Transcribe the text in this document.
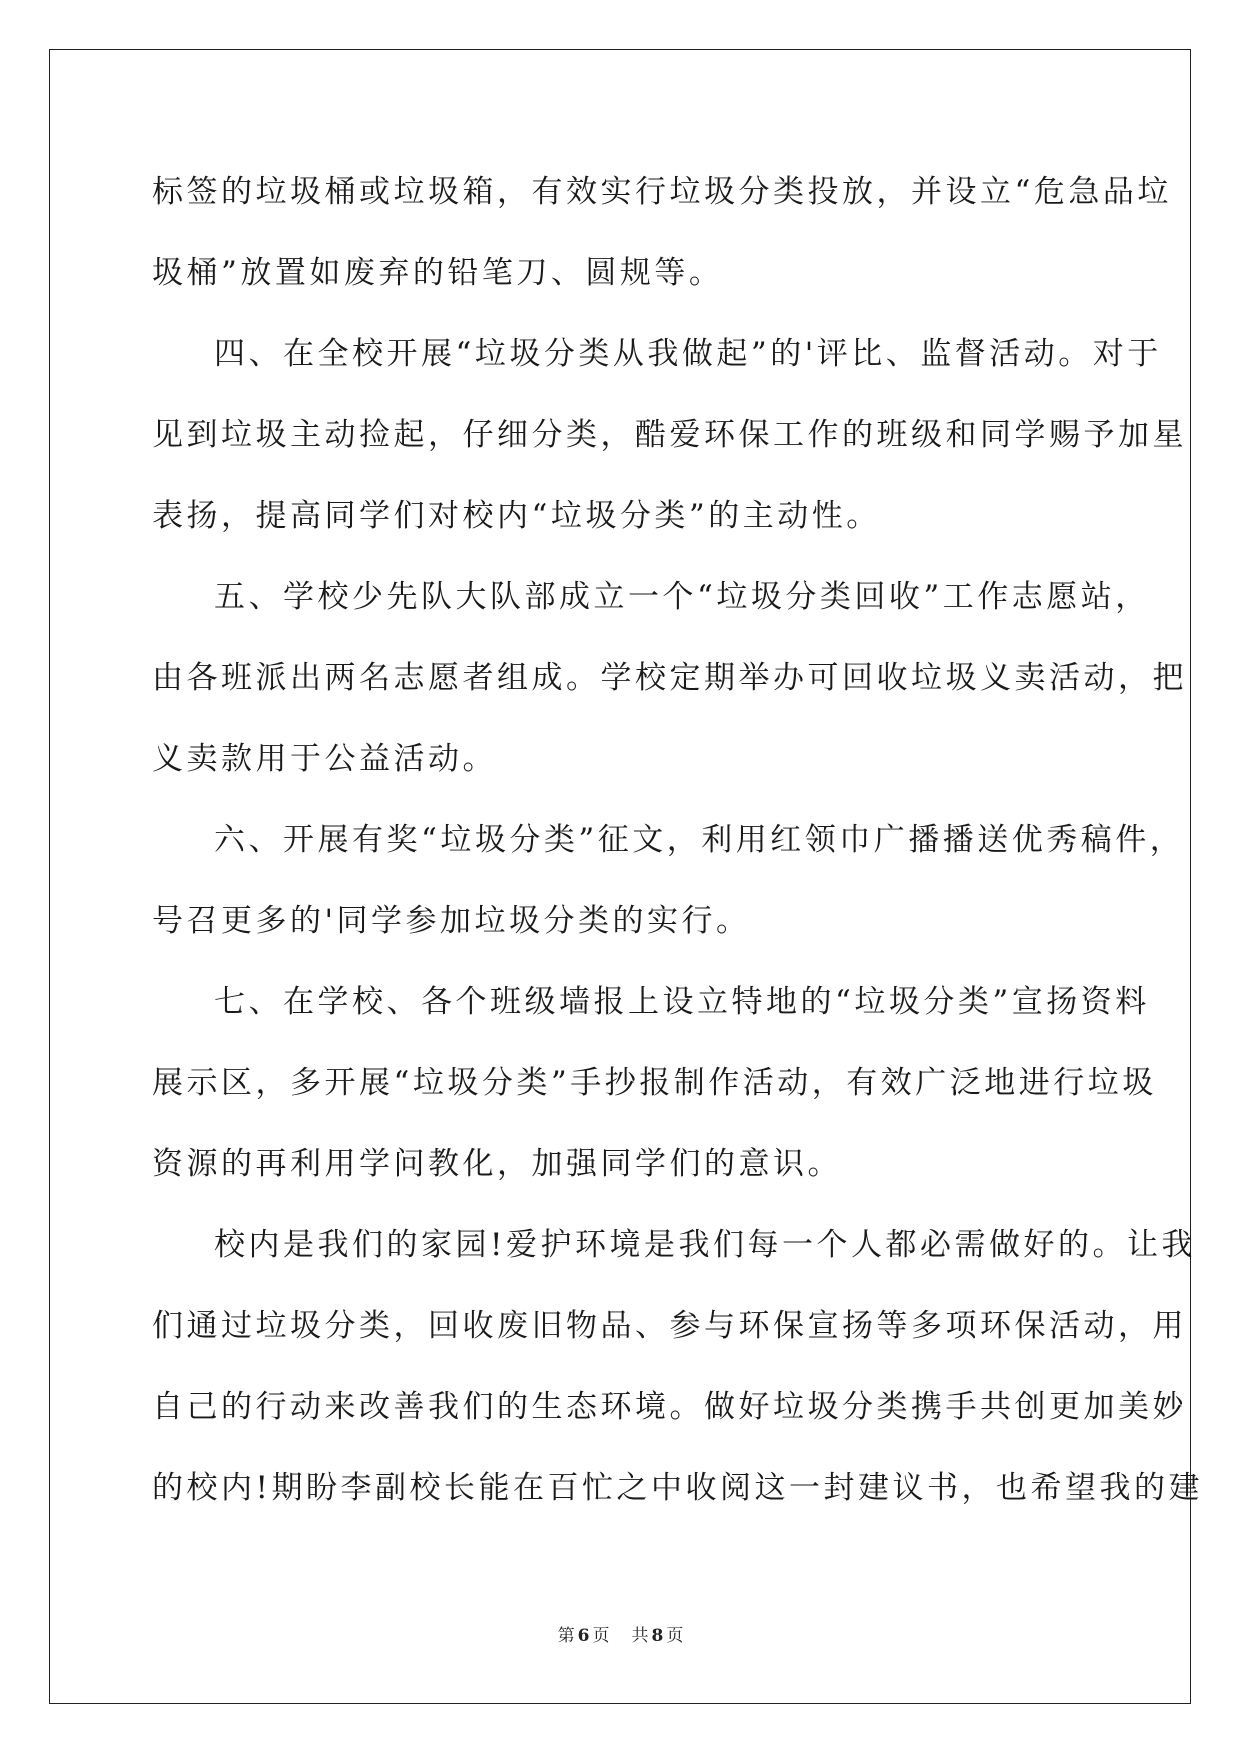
标签的垃圾桶或垃圾箱，有效实行垃圾分类投放，并设立“危急品垃
圾桶”放置如废弃的铅笔刀、圆规等。
四、在全校开展“垃圾分类从我做起”的'评比、监督活动。对于
见到垃圾主动捡起，仔细分类，酷爱环保工作的班级和同学赐予加星
表扬，提高同学们对校内“垃圾分类”的主动性。
五、学校少先队大队部成立一个“垃圾分类回收”工作志愿站，
由各班派出两名志愿者组成。学校定期举办可回收垃圾义卖活动，把
义卖款用于公益活动。
六、开展有奖“垃圾分类”征文，利用红领巾广播播送优秀稿件，
号召更多的'同学参加垃圾分类的实行。
七、在学校、各个班级墙报上设立特地的“垃圾分类”宣扬资料
展示区，多开展“垃圾分类”手抄报制作活动，有效广泛地进行垃圾
资源的再利用学问教化，加强同学们的意识。
校内是我们的家园!爱护环境是我们每一个人都必需做好的。让我
们通过垃圾分类，回收废旧物品、参与环保宣扬等多项环保活动，用
自己的行动来改善我们的生态环境。做好垃圾分类携手共创更加美妙
的校内!期盼李副校长能在百忙之中收阅这一封建议书，也希望我的建
第 6 页 共 8 页
